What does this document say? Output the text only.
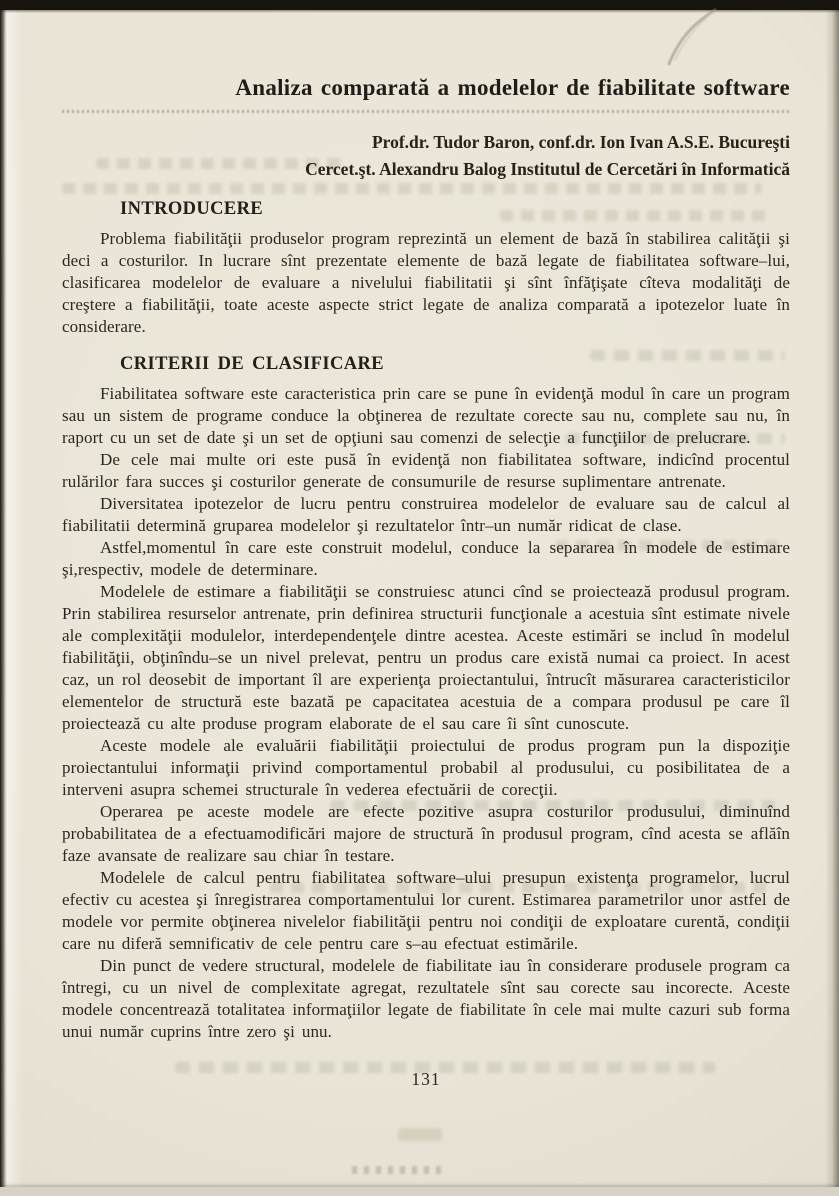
Analiza comparată a modelelor de fiabilitate software
Prof.dr. Tudor Baron, conf.dr. Ion Ivan A.S.E. Bucureşti
Cercet.şt. Alexandru Balog Institutul de Cercetări în Informatică
INTRODUCERE

Problema fiabilităţii produselor program reprezintă un element de bază în stabilirea calităţii şi deci a costurilor. In lucrare sînt prezentate elemente de bază legate de fiabilitatea software–lui, clasificarea modelelor de evaluare a nivelului fiabilitatii şi sînt înfăţişate cîteva modalităţi de creştere a fiabilităţii, toate aceste aspecte strict legate de analiza comparată a ipotezelor luate în considerare.

CRITERII DE CLASIFICARE

Fiabilitatea software este caracteristica prin care se pune în evidenţă modul în care un program sau un sistem de programe conduce la obţinerea de rezultate corecte sau nu, complete sau nu, în raport cu un set de date şi un set de opţiuni sau comenzi de selecţie a funcţiilor de prelucrare.

De cele mai multe ori este pusă în evidenţă non fiabilitatea software, indicînd procentul rulărilor fara succes şi costurilor generate de consumurile de resurse suplimentare antrenate.

Diversitatea ipotezelor de lucru pentru construirea modelelor de evaluare sau de calcul al fiabilitatii determină gruparea modelelor şi rezultatelor într–un număr ridicat de clase.

Astfel,momentul în care este construit modelul, conduce la separarea în modele de estimare şi,respectiv, modele de determinare.

Modelele de estimare a fiabilităţii se construiesc atunci cînd se proiectează produsul program. Prin stabilirea resurselor antrenate, prin definirea structurii funcţionale a acestuia sînt estimate nivele ale complexităţii modulelor, interdependenţele dintre acestea. Aceste estimări se includ în modelul fiabilităţii, obţinîndu–se un nivel prelevat, pentru un produs care există numai ca proiect. In acest caz, un rol deosebit de important îl are experienţa proiectantului, întrucît măsurarea caracteristicilor elementelor de structură este bazată pe capacitatea acestuia de a compara produsul pe care îl proiectează cu alte produse program elaborate de el sau care îi sînt cunoscute.

Aceste modele ale evaluării fiabilităţii proiectului de produs program pun la dispoziţie proiectantului informaţii privind comportamentul probabil al produsului, cu posibilitatea de a interveni asupra schemei structurale în vederea efectuării de corecţii.

Operarea pe aceste modele are efecte pozitive asupra costurilor produsului, diminuînd probabilitatea de a efectuamodificări majore de structură în produsul program, cînd acesta se aflăîn faze avansate de realizare sau chiar în testare.

Modelele de calcul pentru fiabilitatea software–ului presupun existenţa programelor, lucrul efectiv cu acestea şi înregistrarea comportamentului lor curent. Estimarea parametrilor unor astfel de modele vor permite obţinerea nivelelor fiabilităţii pentru noi condiţii de exploatare curentă, condiţii care nu diferă semnificativ de cele pentru care s–au efectuat estimările.

Din punct de vedere structural, modelele de fiabilitate iau în considerare produsele program ca întregi, cu un nivel de complexitate agregat, rezultatele sînt sau corecte sau incorecte. Aceste modele concentrează totalitatea informaţiilor legate de fiabilitate în cele mai multe cazuri sub forma unui număr cuprins între zero şi unu.

131
